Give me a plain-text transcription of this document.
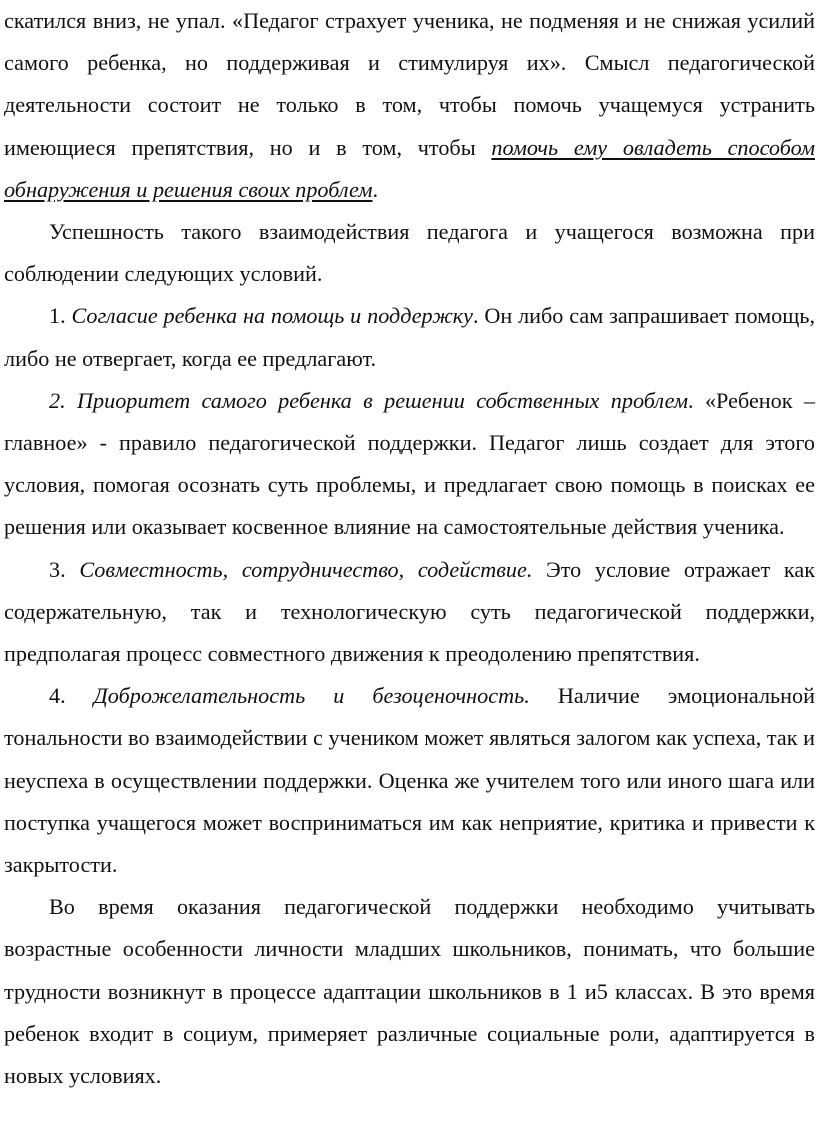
скатился вниз, не упал. «Педагог страхует ученика, не подменяя и не снижая усилий самого ребенка, но поддерживая и стимулируя их». Смысл педагогической деятельности состоит не только в том, чтобы помочь учащемуся устранить имеющиеся препятствия, но и в том, чтобы помочь ему овладеть способом обнаружения и решения своих проблем.

Успешность такого взаимодействия педагога и учащегося возможна при соблюдении следующих условий.

1. Согласие ребенка на помощь и поддержку. Он либо сам запрашивает помощь, либо не отвергает, когда ее предлагают.

2. Приоритет самого ребенка в решении собственных проблем. «Ребенок – главное» - правило педагогической поддержки. Педагог лишь создает для этого условия, помогая осознать суть проблемы, и предлагает свою помощь в поисках ее решения или оказывает косвенное влияние на самостоятельные действия ученика.

3. Совместность, сотрудничество, содействие. Это условие отражает как содержательную, так и технологическую суть педагогической поддержки, предполагая процесс совместного движения к преодолению препятствия.

4. Доброжелательность и безоценочность. Наличие эмоциональной тональности во взаимодействии с учеником может являться залогом как успеха, так и неуспеха в осуществлении поддержки. Оценка же учителем того или иного шага или поступка учащегося может восприниматься им как неприятие, критика и привести к закрытости.

Во время оказания педагогической поддержки необходимо учитывать возрастные особенности личности младших школьников, понимать, что большие трудности возникнут в процессе адаптации школьников в 1 и5 классах. В это время ребенок входит в социум, примеряет различные социальные роли, адаптируется в новых условиях.
